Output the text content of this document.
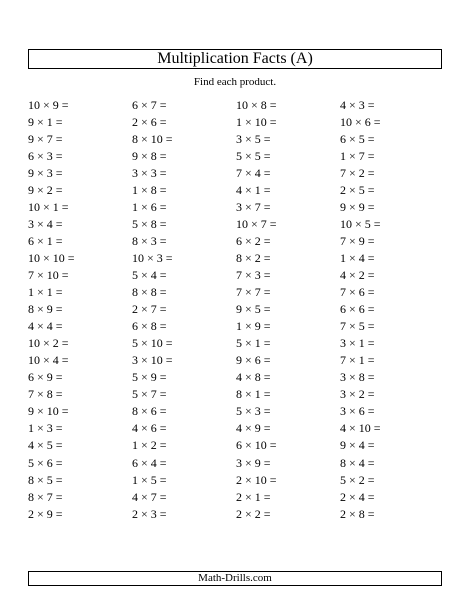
Multiplication Facts (A)
Find each product.
10 × 9 =	6 × 7 =	10 × 8 =	4 × 3 =
9 × 1 =	2 × 6 =	1 × 10 =	10 × 6 =
9 × 7 =	8 × 10 =	3 × 5 =	6 × 5 =
6 × 3 =	9 × 8 =	5 × 5 =	1 × 7 =
9 × 3 =	3 × 3 =	7 × 4 =	7 × 2 =
9 × 2 =	1 × 8 =	4 × 1 =	2 × 5 =
10 × 1 =	1 × 6 =	3 × 7 =	9 × 9 =
3 × 4 =	5 × 8 =	10 × 7 =	10 × 5 =
6 × 1 =	8 × 3 =	6 × 2 =	7 × 9 =
10 × 10 =	10 × 3 =	8 × 2 =	1 × 4 =
7 × 10 =	5 × 4 =	7 × 3 =	4 × 2 =
1 × 1 =	8 × 8 =	7 × 7 =	7 × 6 =
8 × 9 =	2 × 7 =	9 × 5 =	6 × 6 =
4 × 4 =	6 × 8 =	1 × 9 =	7 × 5 =
10 × 2 =	5 × 10 =	5 × 1 =	3 × 1 =
10 × 4 =	3 × 10 =	9 × 6 =	7 × 1 =
6 × 9 =	5 × 9 =	4 × 8 =	3 × 8 =
7 × 8 =	5 × 7 =	8 × 1 =	3 × 2 =
9 × 10 =	8 × 6 =	5 × 3 =	3 × 6 =
1 × 3 =	4 × 6 =	4 × 9 =	4 × 10 =
4 × 5 =	1 × 2 =	6 × 10 =	9 × 4 =
5 × 6 =	6 × 4 =	3 × 9 =	8 × 4 =
8 × 5 =	1 × 5 =	2 × 10 =	5 × 2 =
8 × 7 =	4 × 7 =	2 × 1 =	2 × 4 =
2 × 9 =	2 × 3 =	2 × 2 =	2 × 8 =
Math-Drills.com
